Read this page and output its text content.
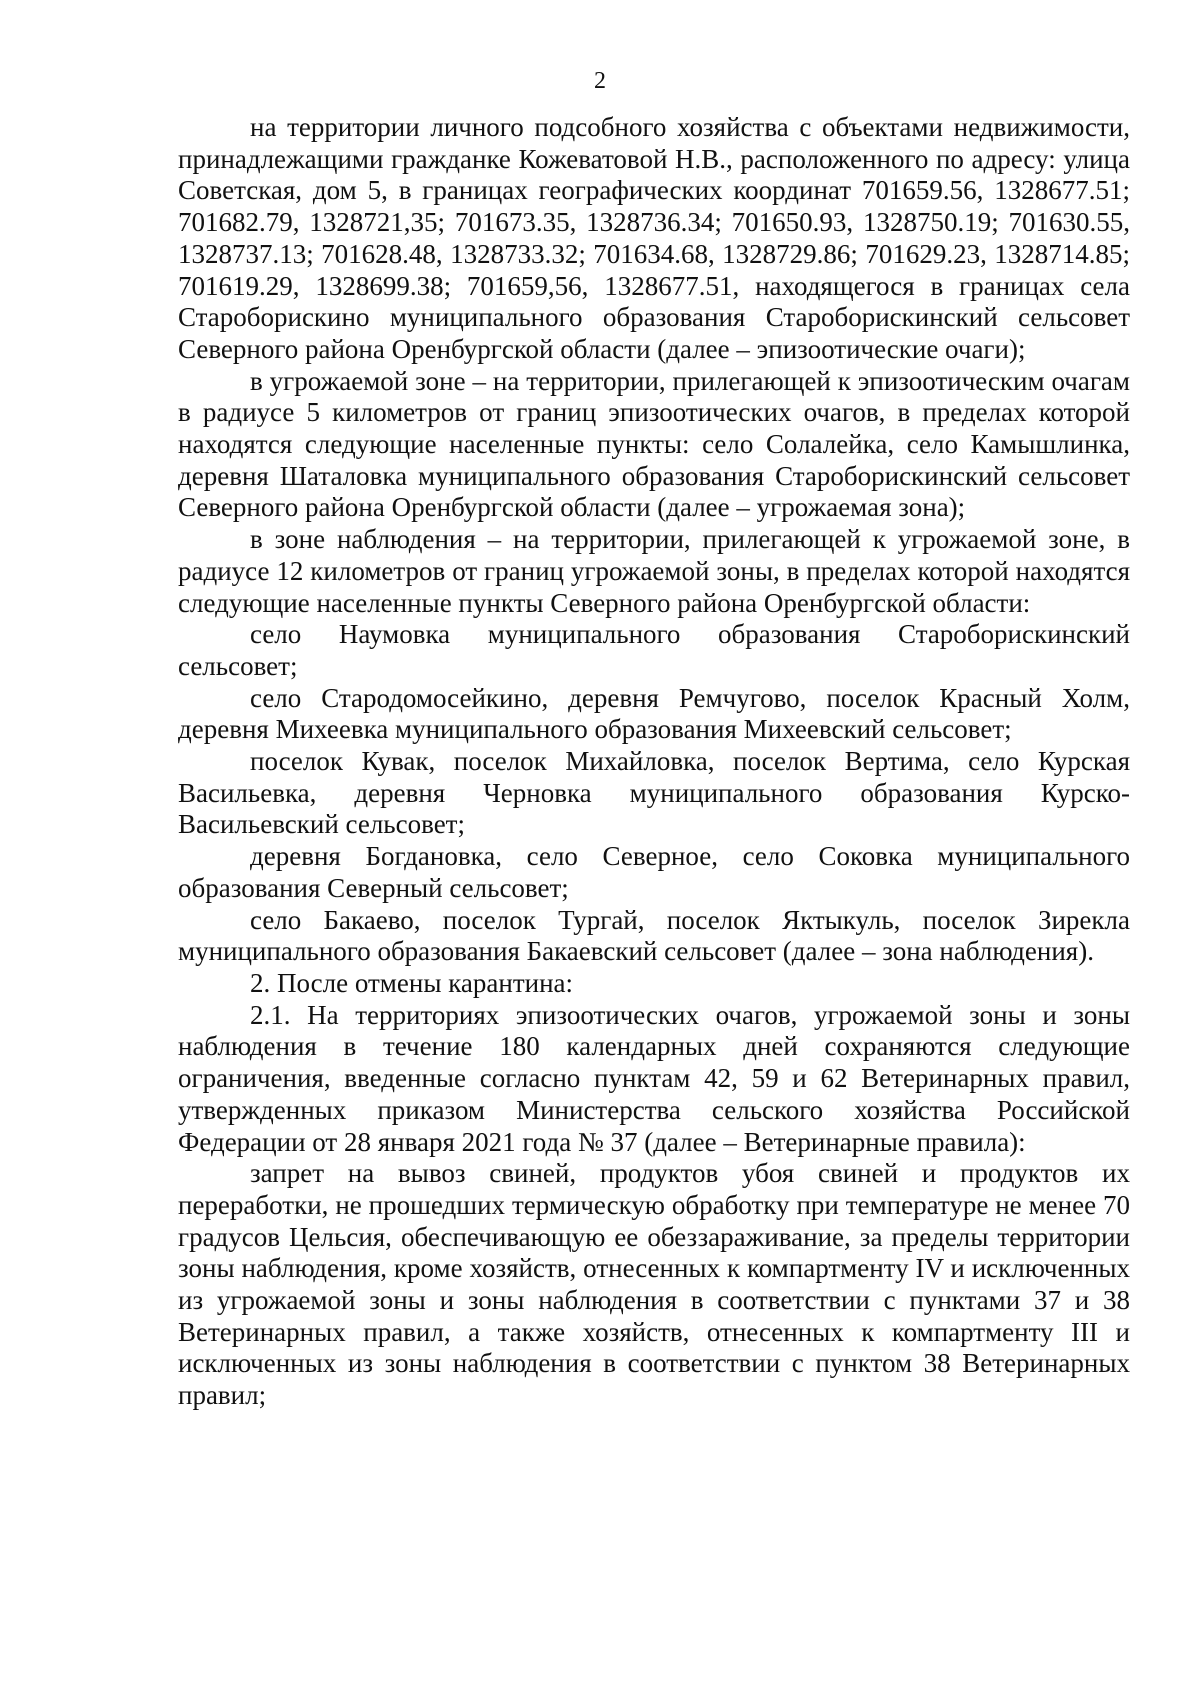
2

на территории личного подсобного хозяйства с объектами недвижимости, принадлежащими гражданке Кожеватовой Н.В., расположенного по адресу: улица Советская, дом 5, в границах географических координат 701659.56, 1328677.51; 701682.79, 1328721,35; 701673.35, 1328736.34; 701650.93, 1328750.19; 701630.55, 1328737.13; 701628.48, 1328733.32; 701634.68, 1328729.86; 701629.23, 1328714.85; 701619.29, 1328699.38; 701659,56, 1328677.51, находящегося в границах села Староборискино муниципального образования Староборискинский сельсовет Северного района Оренбургской области (далее – эпизоотические очаги);

в угрожаемой зоне – на территории, прилегающей к эпизоотическим очагам в радиусе 5 километров от границ эпизоотических очагов, в пределах которой находятся следующие населенные пункты: село Солалейка, село Камышлинка, деревня Шаталовка муниципального образования Староборискинский сельсовет Северного района Оренбургской области (далее – угрожаемая зона);

в зоне наблюдения – на территории, прилегающей к угрожаемой зоне, в радиусе 12 километров от границ угрожаемой зоны, в пределах которой находятся следующие населенные пункты Северного района Оренбургской области:

село Наумовка муниципального образования Староборискинский сельсовет;

село Стародомосейкино, деревня Ремчугово, поселок Красный Холм, деревня Михеевка муниципального образования Михеевский сельсовет;

поселок Кувак, поселок Михайловка, поселок Вертима, село Курская Васильевка, деревня Черновка муниципального образования Курско-Васильевский сельсовет;

деревня Богдановка, село Северное, село Соковка муниципального образования Северный сельсовет;

село Бакаево, поселок Тургай, поселок Яктыкуль, поселок Зирекла муниципального образования Бакаевский сельсовет (далее – зона наблюдения).

2. После отмены карантина:

2.1. На территориях эпизоотических очагов, угрожаемой зоны и зоны наблюдения в течение 180 календарных дней сохраняются следующие ограничения, введенные согласно пунктам 42, 59 и 62 Ветеринарных правил, утвержденных приказом Министерства сельского хозяйства Российской Федерации от 28 января 2021 года № 37 (далее – Ветеринарные правила):

запрет на вывоз свиней, продуктов убоя свиней и продуктов их переработки, не прошедших термическую обработку при температуре не менее 70 градусов Цельсия, обеспечивающую ее обеззараживание, за пределы территории зоны наблюдения, кроме хозяйств, отнесенных к компартменту IV и исключенных из угрожаемой зоны и зоны наблюдения в соответствии с пунктами 37 и 38 Ветеринарных правил, а также хозяйств, отнесенных к компартменту III и исключенных из зоны наблюдения в соответствии с пунктом 38 Ветеринарных правил;
